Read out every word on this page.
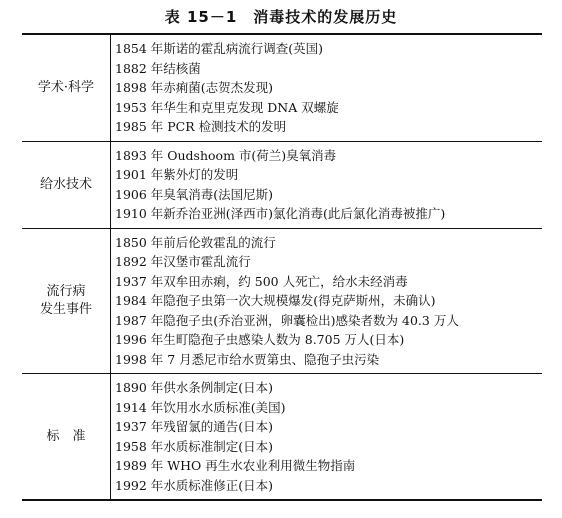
表 15－1　消毒技术的发展历史
学术·科学
1854 年斯诺的霍乱病流行调查(英国)
1882 年结核菌
1898 年赤痢菌(志贺杰发现)
1953 年华生和克里克发现 DNA 双螺旋
1985 年 PCR 检测技术的发明
给水技术
1893 年 Oudshoom 市(荷兰)臭氧消毒
1901 年紫外灯的发明
1906 年臭氧消毒(法国尼斯)
1910 年新乔治亚洲(泽西市)氯化消毒(此后氯化消毒被推广)
流行病
发生事件
1850 年前后伦敦霍乱的流行
1892 年汉堡市霍乱流行
1937 年双牟田赤痢，约 500 人死亡，给水未经消毒
1984 年隐孢子虫第一次大规模爆发(得克萨斯州，未确认)
1987 年隐孢子虫(乔治亚洲，卵囊检出)感染者数为 40.3 万人
1996 年生町隐孢子虫感染人数为 8.705 万人(日本)
1998 年 7 月悉尼市给水贾第虫、隐孢子虫污染
标　准
1890 年供水条例制定(日本)
1914 年饮用水水质标准(美国)
1937 年残留氯的通告(日本)
1958 年水质标准制定(日本)
1989 年 WHO 再生水农业利用微生物指南
1992 年水质标准修正(日本)
